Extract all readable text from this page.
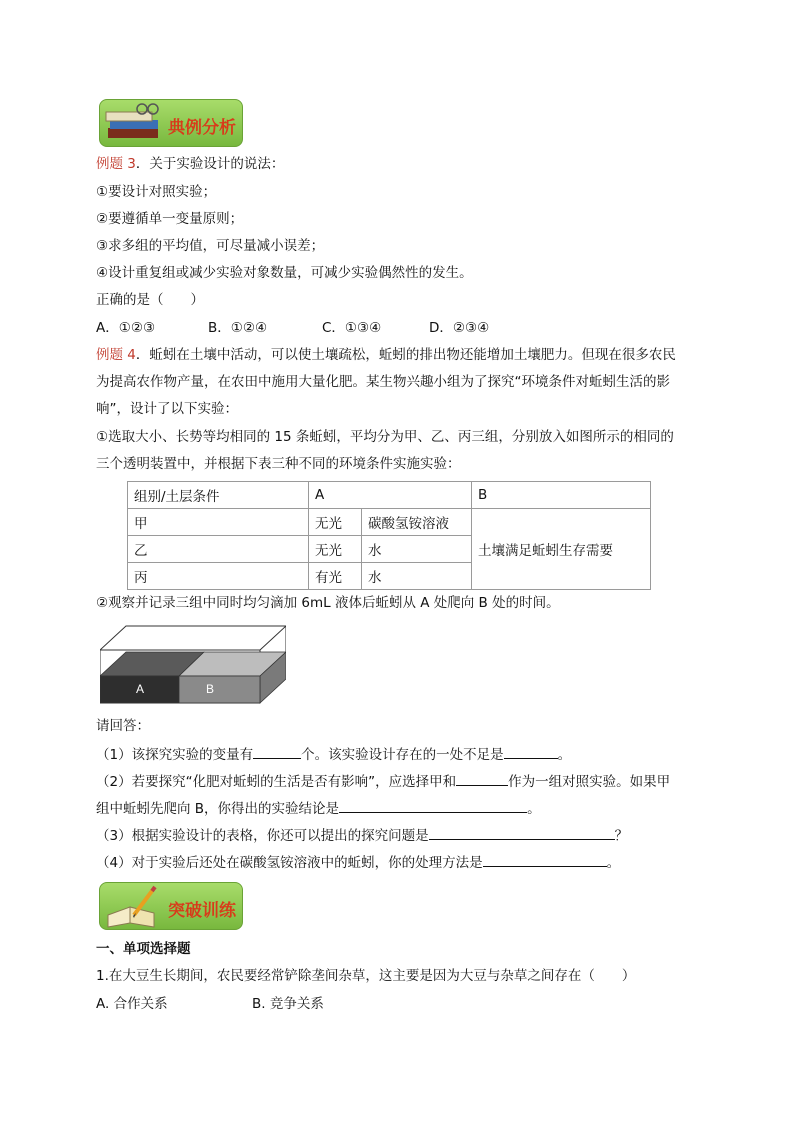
典例分析
例题 3．关于实验设计的说法：
①要设计对照实验；
②要遵循单一变量原则；
③求多组的平均值，可尽量减小误差；
④设计重复组或减少实验对象数量，可减少实验偶然性的发生。
正确的是（　　）
A．①②③	B．①②④	C．①③④	D．②③④
例题 4．蚯蚓在土壤中活动，可以使土壤疏松，蚯蚓的排出物还能增加土壤肥力。但现在很多农民
为提高农作物产量，在农田中施用大量化肥。某生物兴趣小组为了探究“环境条件对蚯蚓生活的影
响”，设计了以下实验：
①选取大小、长势等均相同的 15 条蚯蚓，平均分为甲、乙、丙三组，分别放入如图所示的相同的
三个透明装置中，并根据下表三种不同的环境条件实施实验：
组别/土层条件	A		B
甲	无光	碳酸氢铵溶液	土壤满足蚯蚓生存需要
乙	无光	水	
丙	有光	水	
②观察并记录三组中同时均匀滴加 6mL 液体后蚯蚓从 A 处爬向 B 处的时间。
A	B
请回答：
（1）该探究实验的变量有	个。该实验设计存在的一处不足是	。
（2）若要探究“化肥对蚯蚓的生活是否有影响”，应选择甲和	作为一组对照实验。如果甲
组中蚯蚓先爬向 B，你得出的实验结论是	。
（3）根据实验设计的表格，你还可以提出的探究问题是	？
（4）对于实验后还处在碳酸氢铵溶液中的蚯蚓，你的处理方法是	。
突破训练
一、单项选择题
1.在大豆生长期间，农民要经常铲除垄间杂草，这主要是因为大豆与杂草之间存在（　　）
A. 合作关系	B. 竞争关系
